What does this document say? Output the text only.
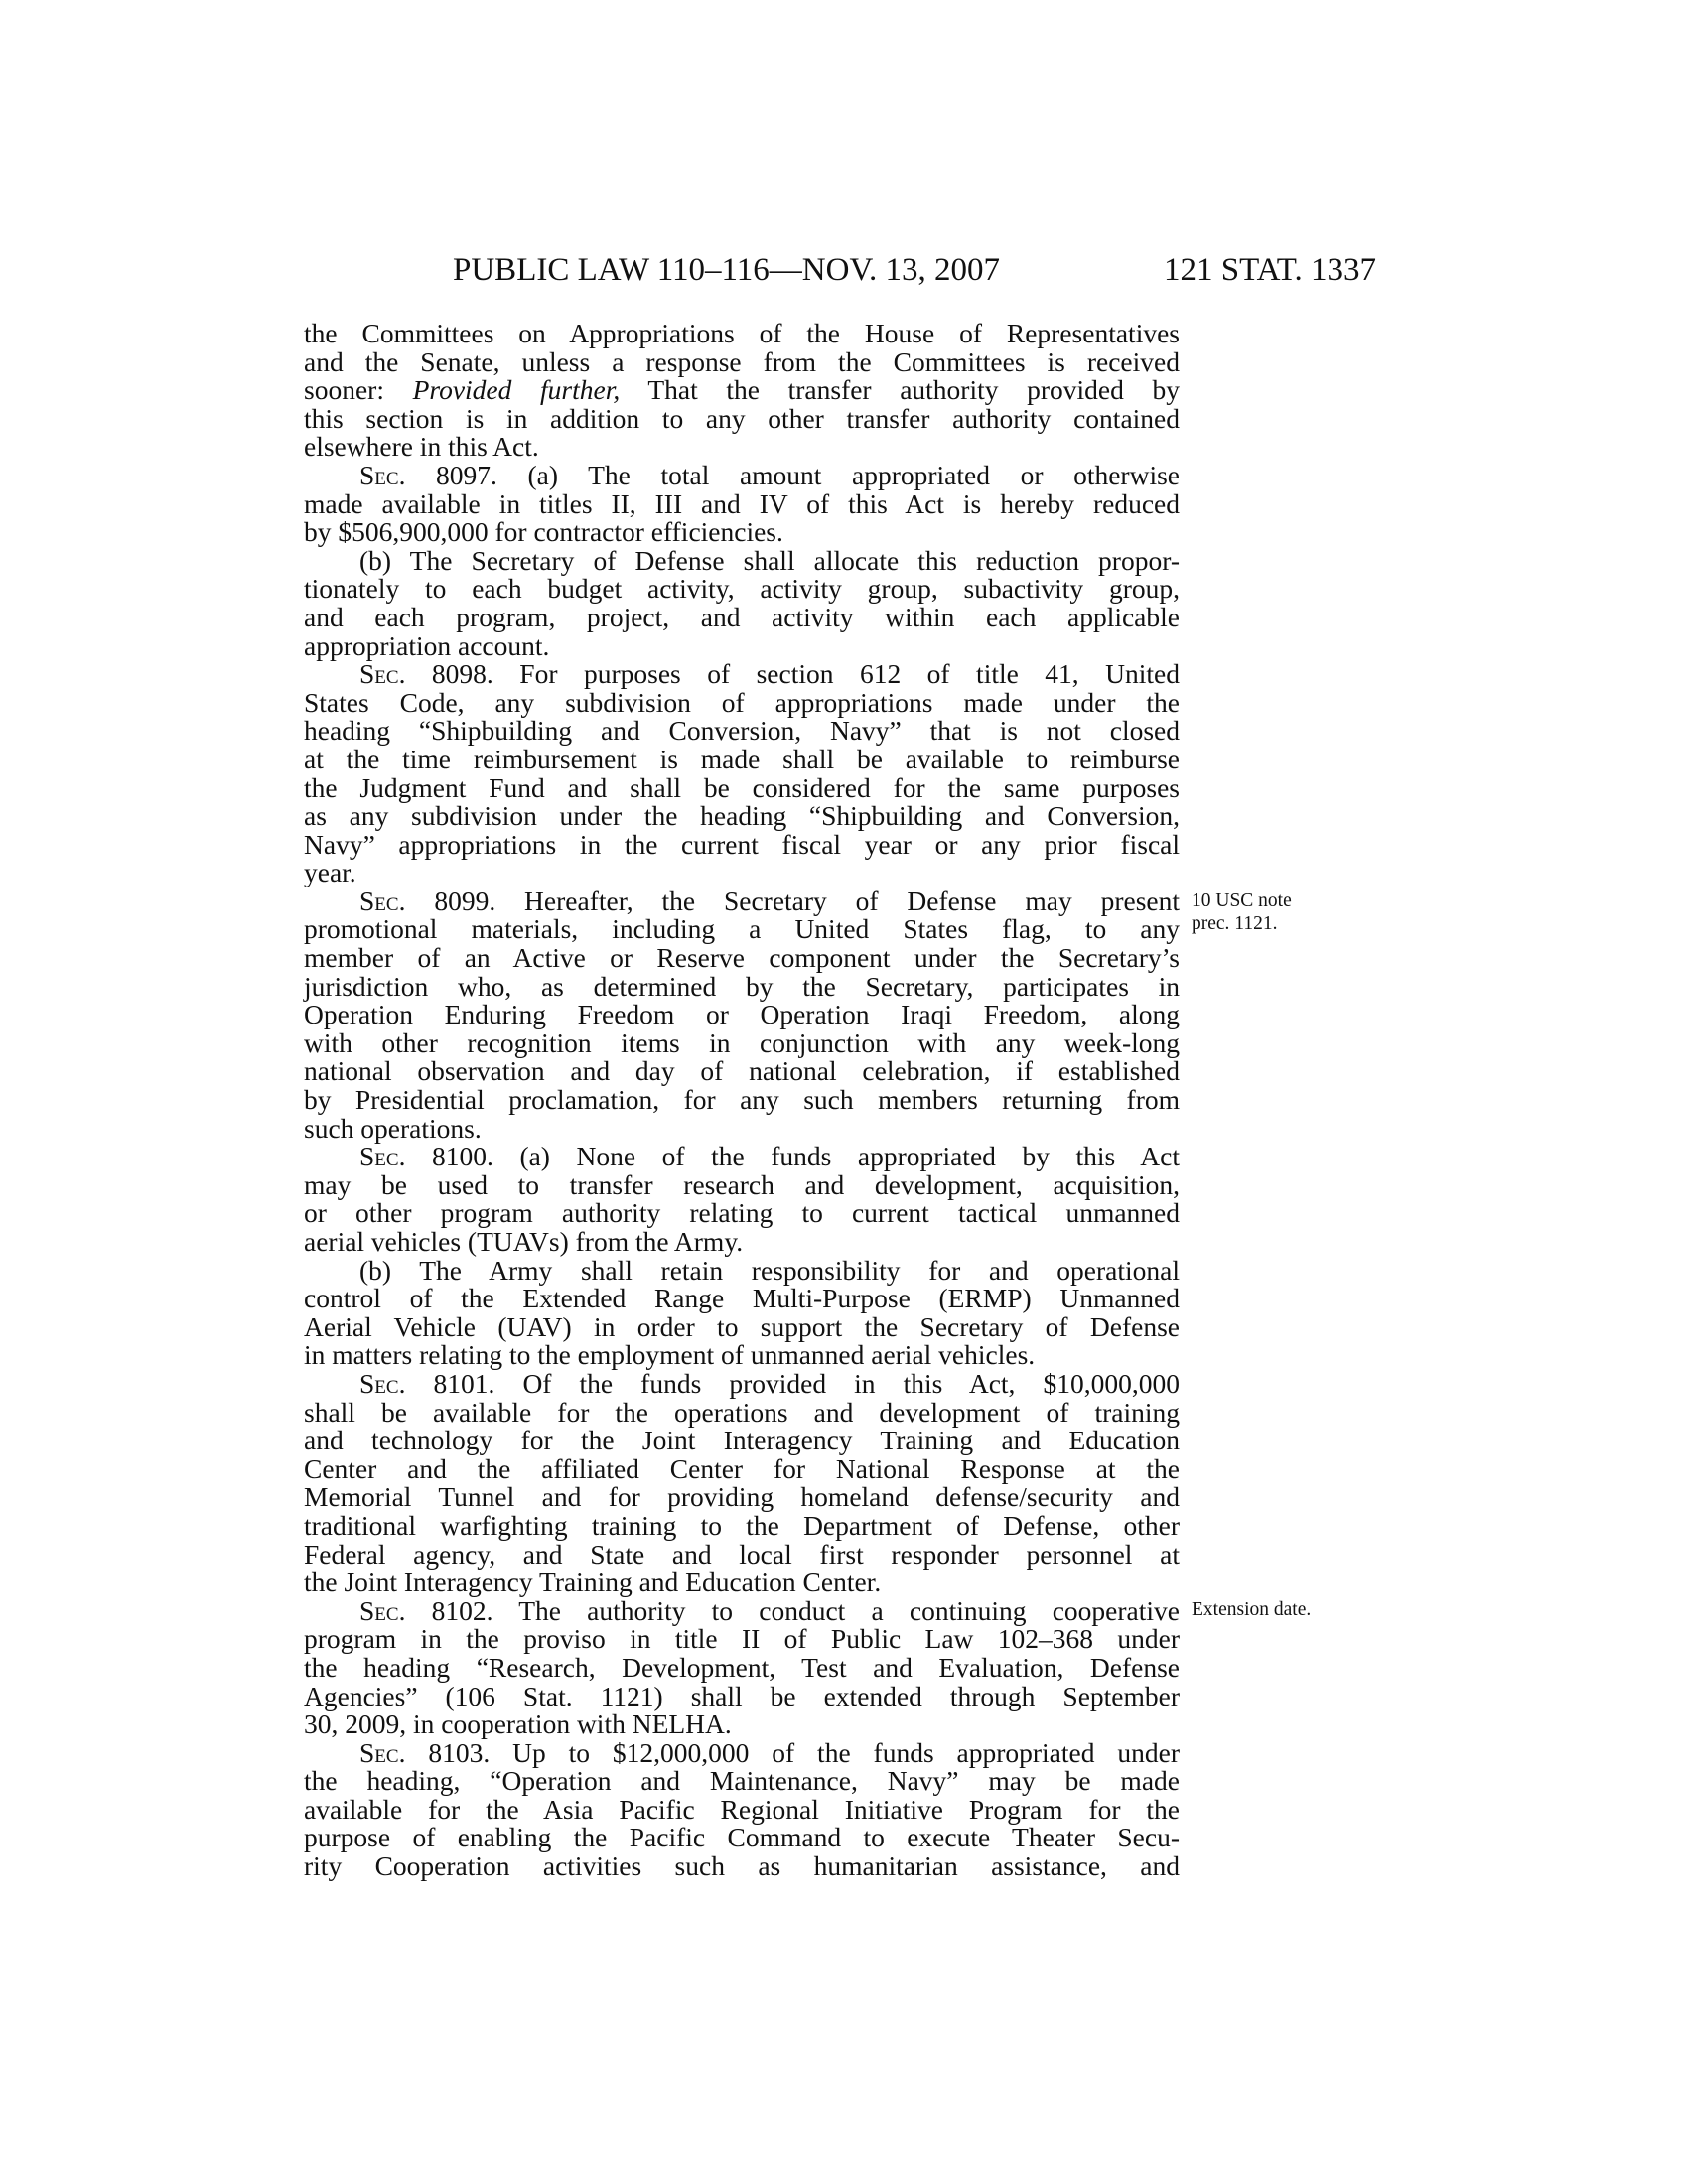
PUBLIC LAW 110–116—NOV. 13, 2007	121 STAT. 1337
the Committees on Appropriations of the House of Representatives
and the Senate, unless a response from the Committees is received
sooner: Provided further, That the transfer authority provided by
this section is in addition to any other transfer authority contained
elsewhere in this Act.
Sec. 8097. (a) The total amount appropriated or otherwise
made available in titles II, III and IV of this Act is hereby reduced
by $506,900,000 for contractor efficiencies.
(b) The Secretary of Defense shall allocate this reduction propor-
tionately to each budget activity, activity group, subactivity group,
and each program, project, and activity within each applicable
appropriation account.
Sec. 8098. For purposes of section 612 of title 41, United
States Code, any subdivision of appropriations made under the
heading “Shipbuilding and Conversion, Navy” that is not closed
at the time reimbursement is made shall be available to reimburse
the Judgment Fund and shall be considered for the same purposes
as any subdivision under the heading “Shipbuilding and Conversion,
Navy” appropriations in the current fiscal year or any prior fiscal
year.
Sec. 8099. Hereafter, the Secretary of Defense may present
promotional materials, including a United States flag, to any
member of an Active or Reserve component under the Secretary’s
jurisdiction who, as determined by the Secretary, participates in
Operation Enduring Freedom or Operation Iraqi Freedom, along
with other recognition items in conjunction with any week-long
national observation and day of national celebration, if established
by Presidential proclamation, for any such members returning from
such operations.
Sec. 8100. (a) None of the funds appropriated by this Act
may be used to transfer research and development, acquisition,
or other program authority relating to current tactical unmanned
aerial vehicles (TUAVs) from the Army.
(b) The Army shall retain responsibility for and operational
control of the Extended Range Multi-Purpose (ERMP) Unmanned
Aerial Vehicle (UAV) in order to support the Secretary of Defense
in matters relating to the employment of unmanned aerial vehicles.
Sec. 8101. Of the funds provided in this Act, $10,000,000
shall be available for the operations and development of training
and technology for the Joint Interagency Training and Education
Center and the affiliated Center for National Response at the
Memorial Tunnel and for providing homeland defense/security and
traditional warfighting training to the Department of Defense, other
Federal agency, and State and local first responder personnel at
the Joint Interagency Training and Education Center.
Sec. 8102. The authority to conduct a continuing cooperative
program in the proviso in title II of Public Law 102–368 under
the heading “Research, Development, Test and Evaluation, Defense
Agencies” (106 Stat. 1121) shall be extended through September
30, 2009, in cooperation with NELHA.
Sec. 8103. Up to $12,000,000 of the funds appropriated under
the heading, “Operation and Maintenance, Navy” may be made
available for the Asia Pacific Regional Initiative Program for the
purpose of enabling the Pacific Command to execute Theater Secu-
rity Cooperation activities such as humanitarian assistance, and
10 USC note
prec. 1121.
Extension date.
